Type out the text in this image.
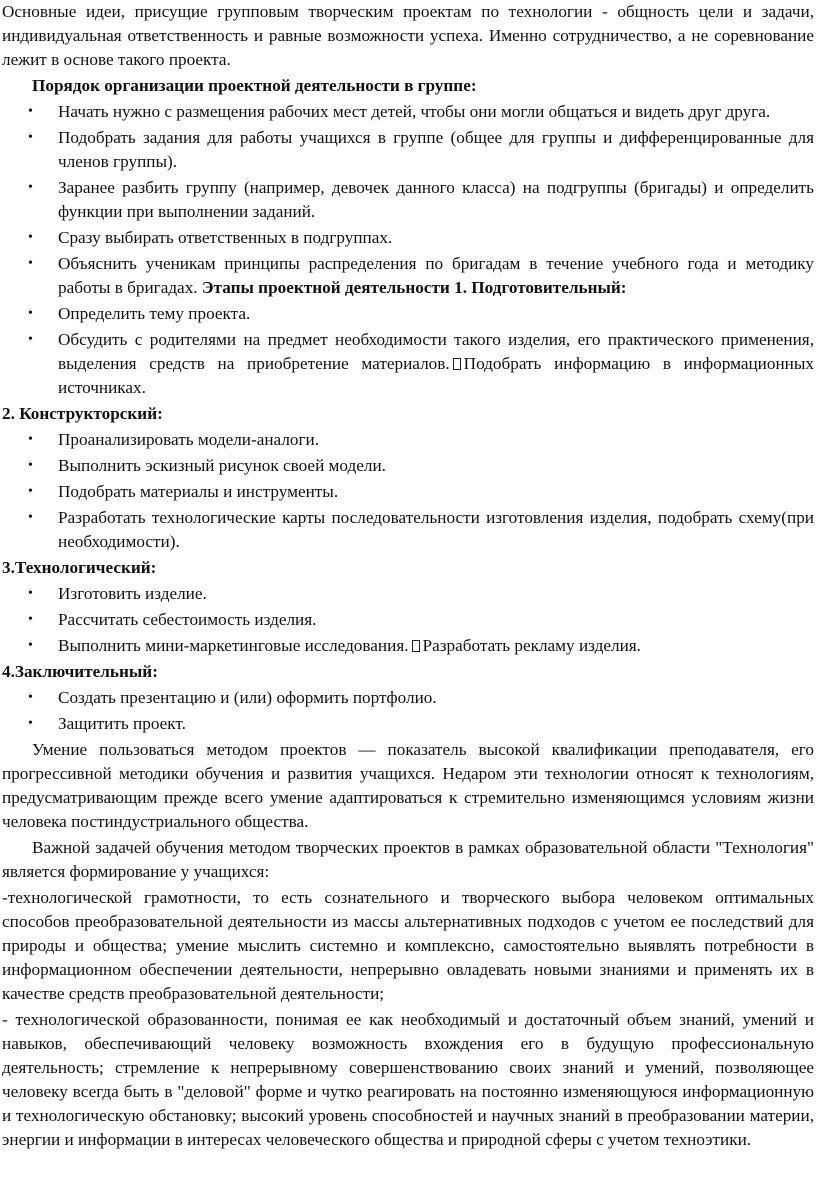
Основные идеи, присущие групповым творческим проектам по технологии - общность цели и задачи, индивидуальная ответственность и равные возможности успеха. Именно сотрудничество, а не соревнование лежит в основе такого проекта.

Порядок организации проектной деятельности в группе:

• Начать нужно с размещения рабочих мест детей, чтобы они могли общаться и видеть друг друга.
• Подобрать задания для работы учащихся в группе (общее для группы и дифференцированные для членов группы).
• Заранее разбить группу (например, девочек данного класса) на подгруппы (бригады) и определить функции при выполнении заданий.
• Сразу выбирать ответственных в подгруппах.
• Объяснить ученикам принципы распределения по бригадам в течение учебного года и методику работы в бригадах. Этапы проектной деятельности 1. Подготовительный:
• Определить тему проекта.
• Обсудить с родителями на предмет необходимости такого изделия, его практического применения, выделения средств на приобретение материалов. Подобрать информацию в информационных источниках.

2. Конструкторский:

• Проанализировать модели-аналоги.
• Выполнить эскизный рисунок своей модели.
• Подобрать материалы и инструменты.
• Разработать технологические карты последовательности изготовления изделия, подобрать схему(при необходимости).

3.Технологический:

• Изготовить изделие.
• Рассчитать себестоимость изделия.
• Выполнить мини-маркетинговые исследования. Разработать рекламу изделия.

4.Заключительный:

• Создать презентацию и (или) оформить портфолио.
• Защитить проект.

Умение пользоваться методом проектов — показатель высокой квалификации преподавателя, его прогрессивной методики обучения и развития учащихся. Недаром эти технологии относят к технологиям, предусматривающим прежде всего умение адаптироваться к стремительно изменяющимся условиям жизни человека постиндустриального общества.

Важной задачей обучения методом творческих проектов в рамках образовательной области "Технология" является формирование у учащихся:

-технологической грамотности, то есть сознательного и творческого выбора человеком оптимальных способов преобразовательной деятельности из массы альтернативных подходов с учетом ее последствий для природы и общества; умение мыслить системно и комплексно, самостоятельно выявлять потребности в информационном обеспечении деятельности, непрерывно овладевать новыми знаниями и применять их в качестве средств преобразовательной деятельности;

- технологической образованности, понимая ее как необходимый и достаточный объем знаний, умений и навыков, обеспечивающий человеку возможность вхождения его в будущую профессиональную деятельность; стремление к непрерывному совершенствованию своих знаний и умений, позволяющее человеку всегда быть в "деловой" форме и чутко реагировать на постоянно изменяющуюся информационную и технологическую обстановку; высокий уровень способностей и научных знаний в преобразовании материи, энергии и информации в интересах человеческого общества и природной сферы с учетом техноэтики.
